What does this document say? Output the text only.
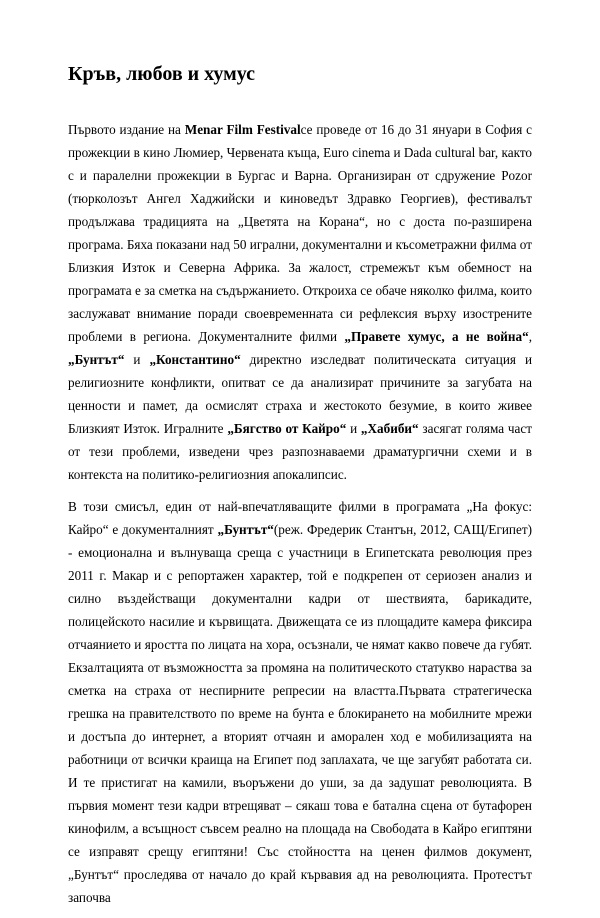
Кръв, любов и хумус

Първото издание на Menar Film Festivalсе проведе от 16 до 31 януари в София с прожекции в кино Люмиер, Червената къща, Euro cinema и Dada cultural bar, както с и паралелни прожекции в Бургас и Варна. Организиран от сдружение Pozor (тюрколозът Ангел Хаджийски и киноведът Здравко Георгиев), фестивалът продължава традицията на „Цветята на Корана“, но с доста по-разширена програма. Бяха показани над 50 игрални, документални и късометражни филма от Близкия Изток и Северна Африка. За жалост, стремежът към обемност на програмата е за сметка на съдържанието. Откроиха се обаче няколко филма, които заслужават внимание поради своевременната си рефлексия върху изострените проблеми в региона. Документалните филми „Правете хумус, а не война“, „Бунтът“ и „Константино“ директно изследват политическата ситуация и религиозните конфликти, опитват се да анализират причините за загубата на ценности и памет, да осмислят страха и жестокото безумие, в които живее Близкият Изток. Игралните „Бягство от Кайро“ и „Хабиби“ засягат голяма част от тези проблеми, изведени чрез разпознаваеми драматургични схеми и в контекста на политико-религиозния апокалипсис.

В този смисъл, един от най-впечатляващите филми в програмата „На фокус: Кайро“ е документалният „Бунтът“(реж. Фредерик Стантън, 2012, САЩ/Египет) - емоционална и вълнуваща среща с участници в Египетската революция през 2011 г. Макар и с репортажен характер, той е подкрепен от сериозен анализ и силно въздействащи документални кадри от шествията, барикадите, полицейското насилие и кървищата. Движещата се из площадите камера фиксира отчаянието и яростта по лицата на хора, осъзнали, че нямат какво повече да губят. Екзалтацията от възможността за промяна на политическото статукво нараства за сметка на страха от неспирните репресии на властта.Първата стратегическа грешка на правителството по време на бунта е блокирането на мобилните мрежи и достъпа до интернет, а вторият отчаян и аморален ход е мобилизацията на работници от всички краища на Египет под заплахата, че ще загубят работата си. И те пристигат на камили, въоръжени до уши, за да задушат революцията. В първия момент тези кадри втрещяват – сякаш това е батална сцена от бутафорен кинофилм, а всъщност съвсем реално на площада на Свободата в Кайро египтяни се изправят срещу египтяни! Със стойността на ценен филмов документ, „Бунтът“ проследява от начало до край кървавия ад на революцията. Протестът започва
